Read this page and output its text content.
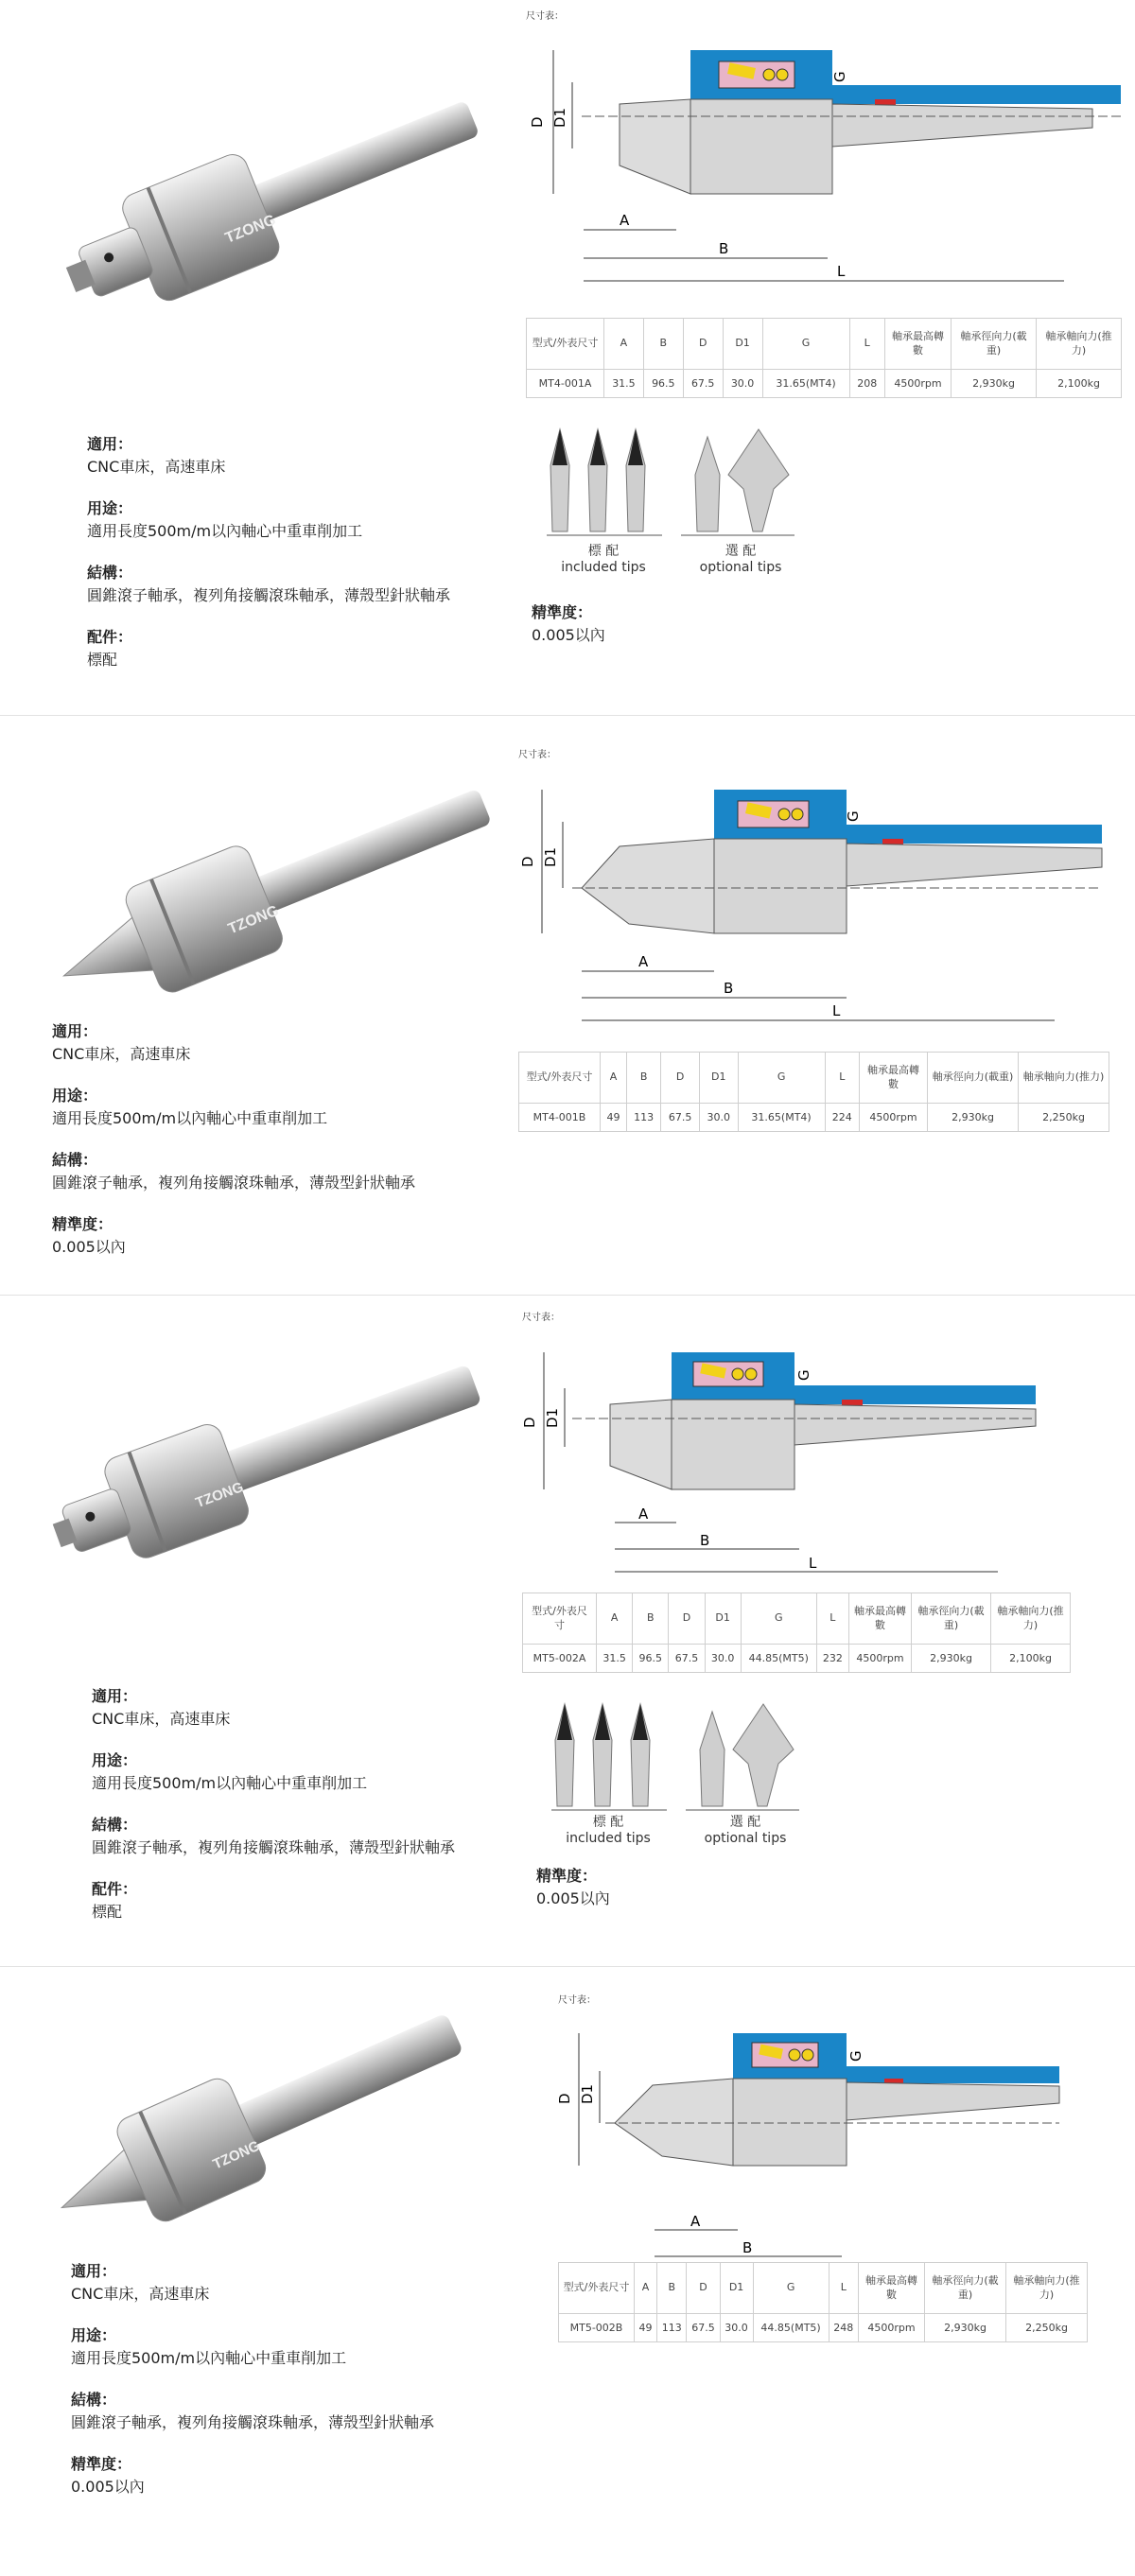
TZONG
尺寸表：
D D1
G
A
B
L
型式/外表尺寸	A	B	D	D1	G	L	軸承最高轉數	軸承徑向力(載重)	軸承軸向力(推力)
MT4-001A	31.5	96.5	67.5	30.0	31.65(MT4)	208	4500rpm	2,930kg	2,100kg
適用：
CNC車床，高速車床
用途：
適用長度500m/m以內軸心中重車削加工
結構：
圓錐滾子軸承，複列角接觸滾珠軸承，薄殼型針狀軸承
配件：
標配
標 配
included tips
選 配
optional tips
精準度：
0.005以內
TZONG
尺寸表：
D D1
G
A
B
L
型式/外表尺寸	A	B	D	D1	G	L	軸承最高轉數	軸承徑向力(載重)	軸承軸向力(推力)
MT4-001B	49	113	67.5	30.0	31.65(MT4)	224	4500rpm	2,930kg	2,250kg
適用：
CNC車床，高速車床
用途：
適用長度500m/m以內軸心中重車削加工
結構：
圓錐滾子軸承，複列角接觸滾珠軸承，薄殼型針狀軸承
精準度：
0.005以內
TZONG
尺寸表：
D D1
G
A
B
L
型式/外表尺寸	A	B	D	D1	G	L	軸承最高轉數	軸承徑向力(載重)	軸承軸向力(推力)
MT5-002A	31.5	96.5	67.5	30.0	44.85(MT5)	232	4500rpm	2,930kg	2,100kg
適用：
CNC車床，高速車床
用途：
適用長度500m/m以內軸心中重車削加工
結構：
圓錐滾子軸承，複列角接觸滾珠軸承，薄殼型針狀軸承
配件：
標配
標 配
included tips
選 配
optional tips
精準度：
0.005以內
TZONG
尺寸表：
D D1
G
A
B
型式/外表尺寸	A	B	D	D1	G	L	軸承最高轉數	軸承徑向力(載重)	軸承軸向力(推力)
MT5-002B	49	113	67.5	30.0	44.85(MT5)	248	4500rpm	2,930kg	2,250kg
適用：
CNC車床，高速車床
用途：
適用長度500m/m以內軸心中重車削加工
結構：
圓錐滾子軸承，複列角接觸滾珠軸承，薄殼型針狀軸承
精準度：
0.005以內
